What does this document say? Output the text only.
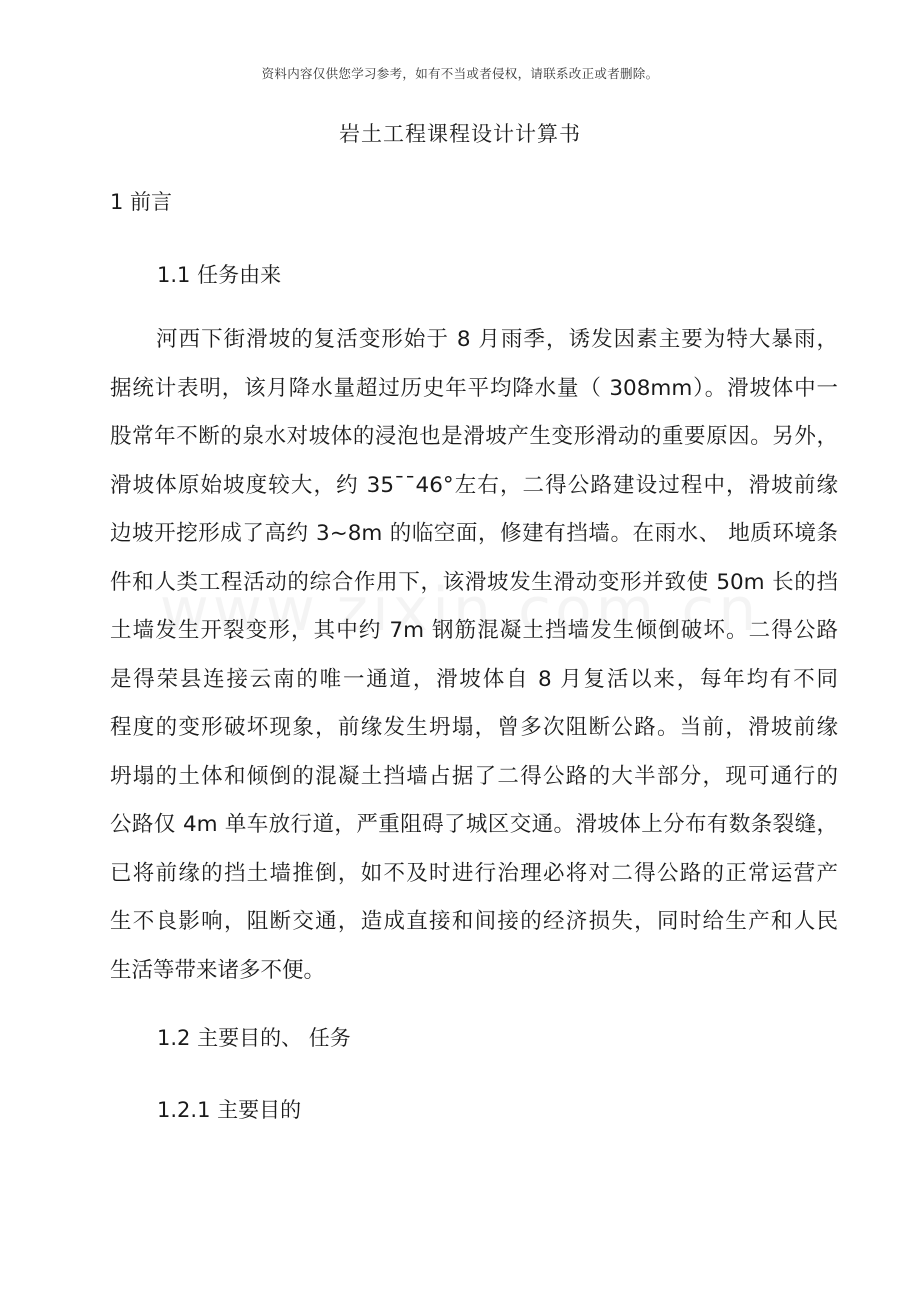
资料内容仅供您学习参考，如有不当或者侵权，请联系改正或者删除。
岩土工程课程设计计算书
1 前言
1.1 任务由来
河西下街滑坡的复活变形始于 8 月雨季，诱发因素主要为特大暴雨，
据统计表明，该月降水量超过历史年平均降水量（ 308mm）。滑坡体中一
股常年不断的泉水对坡体的浸泡也是滑坡产生变形滑动的重要原因。另外，
滑坡体原始坡度较大，约 35¯¯46°左右，二得公路建设过程中，滑坡前缘
边坡开挖形成了高约 3~8m 的临空面，修建有挡墙。在雨水、 地质环境条
件和人类工程活动的综合作用下，该滑坡发生滑动变形并致使 50m 长的挡
土墙发生开裂变形，其中约 7m 钢筋混凝土挡墙发生倾倒破坏。二得公路
是得荣县连接云南的唯一通道，滑坡体自 8 月复活以来，每年均有不同
程度的变形破坏现象，前缘发生坍塌，曾多次阻断公路。当前，滑坡前缘
坍塌的土体和倾倒的混凝土挡墙占据了二得公路的大半部分，现可通行的
公路仅 4m 单车放行道，严重阻碍了城区交通。滑坡体上分布有数条裂缝，
已将前缘的挡土墙推倒，如不及时进行治理必将对二得公路的正常运营产
生不良影响，阻断交通，造成直接和间接的经济损失，同时给生产和人民
生活等带来诸多不便。
1.2 主要目的、 任务
1.2.1 主要目的
